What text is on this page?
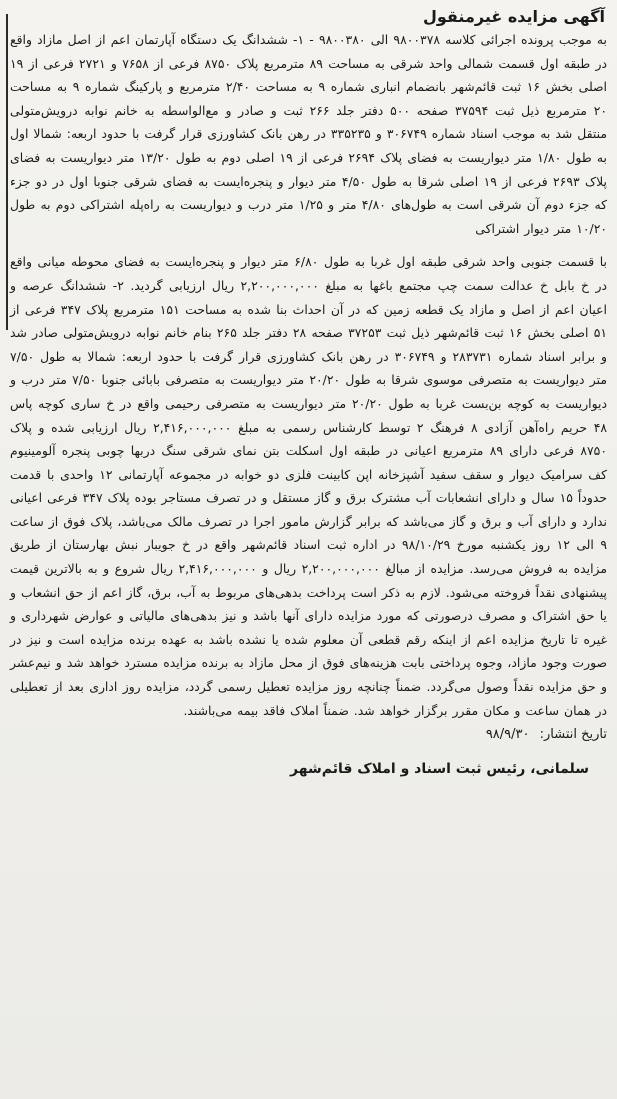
آگهی مزایده غیرمنقول

به موجب پرونده اجرائی کلاسه ۹۸۰۰۳۷۸ الی ۹۸۰۰۳۸۰ - ۱- ششدانگ یک دستگاه آپارتمان اعم از اصل مازاد واقع در طبقه اول قسمت شمالی واحد شرقی به مساحت ۸۹ مترمربع پلاک ۸۷۵۰ فرعی از ۷۶۵۸ و ۲۷۲۱ فرعی از ۱۹ اصلی بخش ۱۶ ثبت قائم‌شهر بانضمام انباری شماره ۹ به مساحت ۲/۴۰ مترمربع و پارکینگ شماره ۹ به مساحت ۲۰ مترمربع ذیل ثبت ۳۷۵۹۴ صفحه ۵۰۰ دفتر جلد ۲۶۶ ثبت و صادر و مع‌الواسطه به خانم نوابه درویش‌متولی منتقل شد به موجب اسناد شماره ۳۰۶۷۴۹ و ۳۳۵۲۳۵ در رهن بانک کشاورزی قرار گرفت با حدود اربعه: شمالا اول به طول ۱/۸۰ متر دیواریست به فضای پلاک ۲۶۹۴ فرعی از ۱۹ اصلی دوم به طول ۱۳/۲۰ متر دیواریست به فضای پلاک ۲۶۹۳ فرعی از ۱۹ اصلی شرقا به طول ۴/۵۰ متر دیوار و پنجره‌ایست به فضای شرقی جنوبا اول در دو جزء که جزء دوم آن شرقی است به طول‌های ۴/۸۰ متر و ۱/۲۵ متر درب و دیواریست به راه‌پله اشتراکی دوم به طول ۱۰/۲۰ متر دیوار اشتراکی

با قسمت جنوبی واحد شرقی طبقه اول غربا به طول ۶/۸۰ متر دیوار و پنجره‌ایست به فضای محوطه میانی واقع در خ بابل خ عدالت سمت چپ مجتمع باغها به مبلغ ۲,۲۰۰,۰۰۰,۰۰۰ ریال ارزیابی گردید. ۲- ششدانگ عرصه و اعیان اعم از اصل و مازاد یک قطعه زمین که در آن احداث بنا شده به مساحت ۱۵۱ مترمربع پلاک ۳۴۷ فرعی از ۵۱ اصلی بخش ۱۶ ثبت قائم‌شهر ذیل ثبت ۳۷۲۵۳ صفحه ۲۸ دفتر جلد ۲۶۵ بنام خانم نوابه درویش‌متولی صادر شد و برابر اسناد شماره ۲۸۳۷۳۱ و ۳۰۶۷۴۹ در رهن بانک کشاورزی قرار گرفت با حدود اربعه: شمالا به طول ۷/۵۰ متر دیواریست به متصرفی موسوی شرقا به طول ۲۰/۲۰ متر دیواریست به متصرفی بابائی جنوبا ۷/۵۰ متر درب و دیواریست به کوچه بن‌بست غربا به طول ۲۰/۲۰ متر دیواریست به متصرفی رحیمی واقع در خ ساری کوچه پاس ۴۸ حریم راه‌آهن آزادی ۸ فرهنگ ۲ توسط کارشناس رسمی به مبلغ ۲,۴۱۶,۰۰۰,۰۰۰ ریال ارزیابی شده و پلاک ۸۷۵۰ فرعی دارای ۸۹ مترمربع اعیانی در طبقه اول اسکلت بتن نمای شرقی سنگ دربها چوبی پنجره آلومینیوم کف سرامیک دیوار و سقف سفید آشپزخانه اپن کابینت فلزی دو خوابه در مجموعه آپارتمانی ۱۲ واحدی با قدمت حدوداً ۱۵ سال و دارای انشعابات آب مشترک برق و گاز مستقل و در تصرف مستاجر بوده پلاک ۳۴۷ فرعی اعیانی ندارد و دارای آب و برق و گاز می‌باشد که برابر گزارش مامور اجرا در تصرف مالک می‌باشد، پلاک فوق از ساعت ۹ الی ۱۲ روز یکشنبه مورخ ۹۸/۱۰/۲۹ در اداره ثبت اسناد قائم‌شهر واقع در خ جویبار نبش بهارستان از طریق مزایده به فروش می‌رسد. مزایده از مبالغ ۲,۲۰۰,۰۰۰,۰۰۰ ریال و ۲,۴۱۶,۰۰۰,۰۰۰ ریال شروع و به بالاترین قیمت پیشنهادی نقداً فروخته می‌شود. لازم به ذکر است پرداخت بدهی‌های مربوط به آب، برق، گاز اعم از حق انشعاب و یا حق اشتراک و مصرف درصورتی که مورد مزایده دارای آنها باشد و نیز بدهی‌های مالیاتی و عوارض شهرداری و غیره تا تاریخ مزایده اعم از اینکه رقم قطعی آن معلوم شده یا نشده باشد به عهده برنده مزایده است و نیز در صورت وجود مازاد، وجوه پرداختی بابت هزینه‌های فوق از محل مازاد به برنده مزایده مسترد خواهد شد و نیم‌عشر و حق مزایده نقداً وصول می‌گردد. ضمناً چنانچه روز مزایده تعطیل رسمی گردد، مزایده روز اداری بعد از تعطیلی در همان ساعت و مکان مقرر برگزار خواهد شد. ضمناً املاک فاقد بیمه می‌باشند.

تاریخ انتشار: ۹۸/۹/۳۰
سلمانی، رئیس ثبت اسناد و املاک قائم‌شهر
